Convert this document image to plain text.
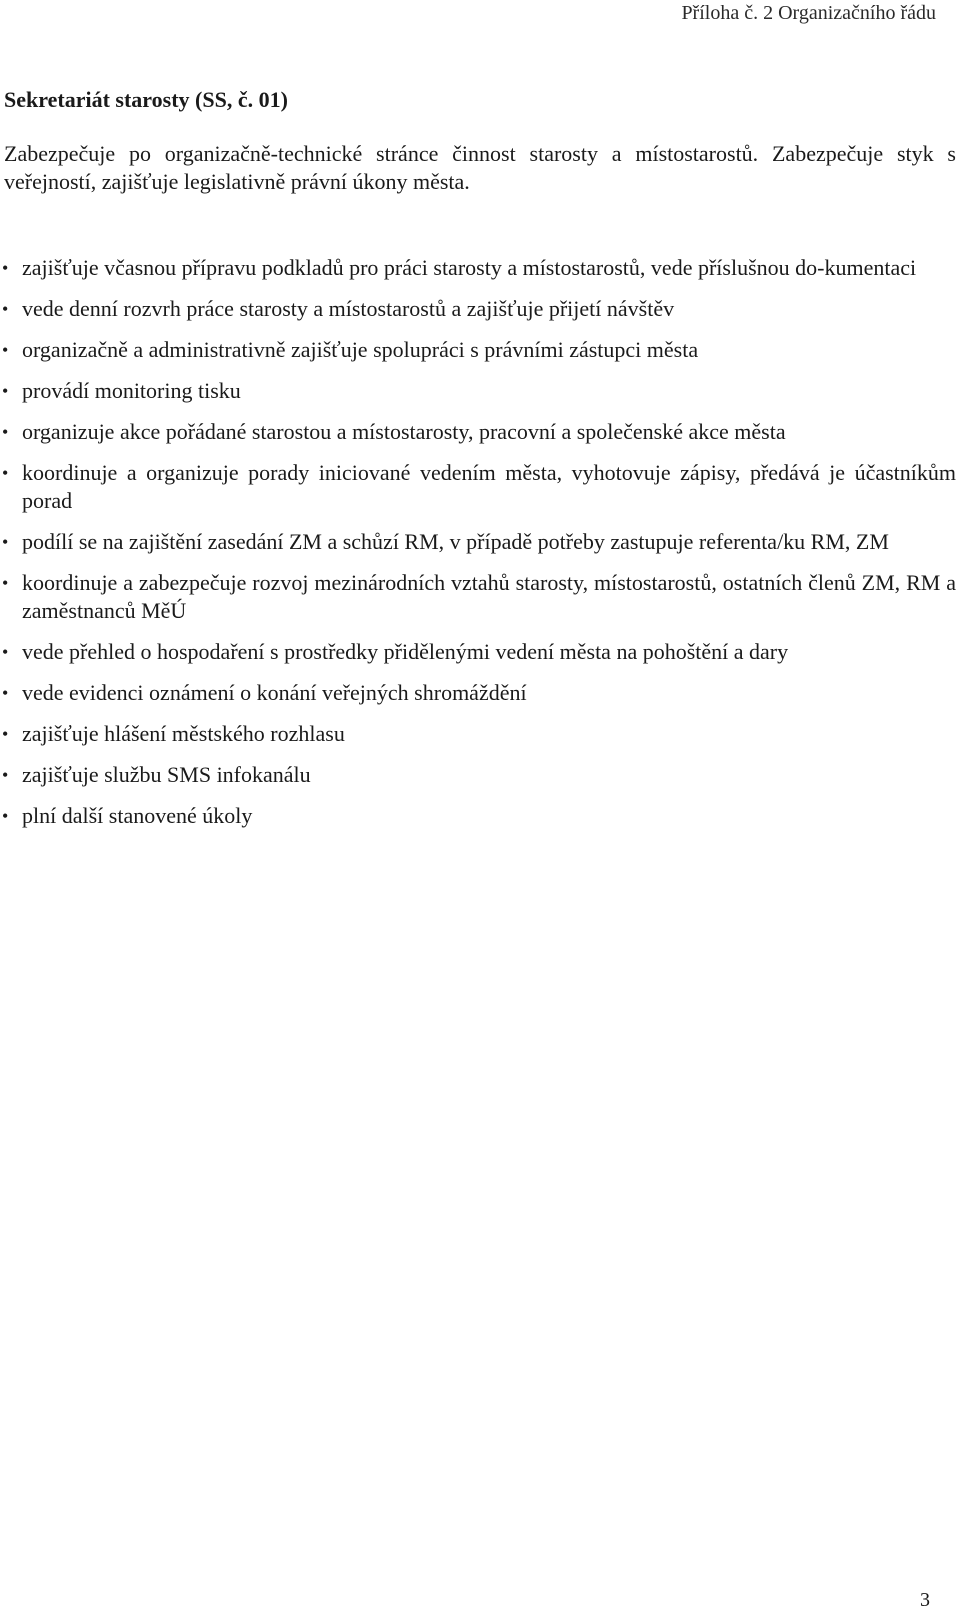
Příloha č. 2 Organizačního řádu
Sekretariát starosty (SS, č. 01)

Zabezpečuje po organizačně-technické stránce činnost starosty a místostarostů. Zabezpečuje styk s veřejností, zajišťuje legislativně právní úkony města.

• zajišťuje včasnou přípravu podkladů pro práci starosty a místostarostů, vede příslušnou do-kumentaci
• vede denní rozvrh práce starosty a místostarostů a zajišťuje přijetí návštěv
• organizačně a administrativně zajišťuje spolupráci s právními zástupci města
• provádí monitoring tisku
• organizuje akce pořádané starostou a místostarosty, pracovní a společenské akce města
• koordinuje a organizuje porady iniciované vedením města, vyhotovuje zápisy, předává je účastníkům porad
• podílí se na zajištění zasedání ZM a schůzí RM, v případě potřeby zastupuje referenta/ku RM, ZM
• koordinuje a zabezpečuje rozvoj mezinárodních vztahů starosty, místostarostů, ostatních členů ZM, RM a zaměstnanců MěÚ
• vede přehled o hospodaření s prostředky přidělenými vedení města na pohoštění a dary
• vede evidenci oznámení o konání veřejných shromáždění
• zajišťuje hlášení městského rozhlasu
• zajišťuje službu SMS infokanálu
• plní další stanovené úkoly
3
